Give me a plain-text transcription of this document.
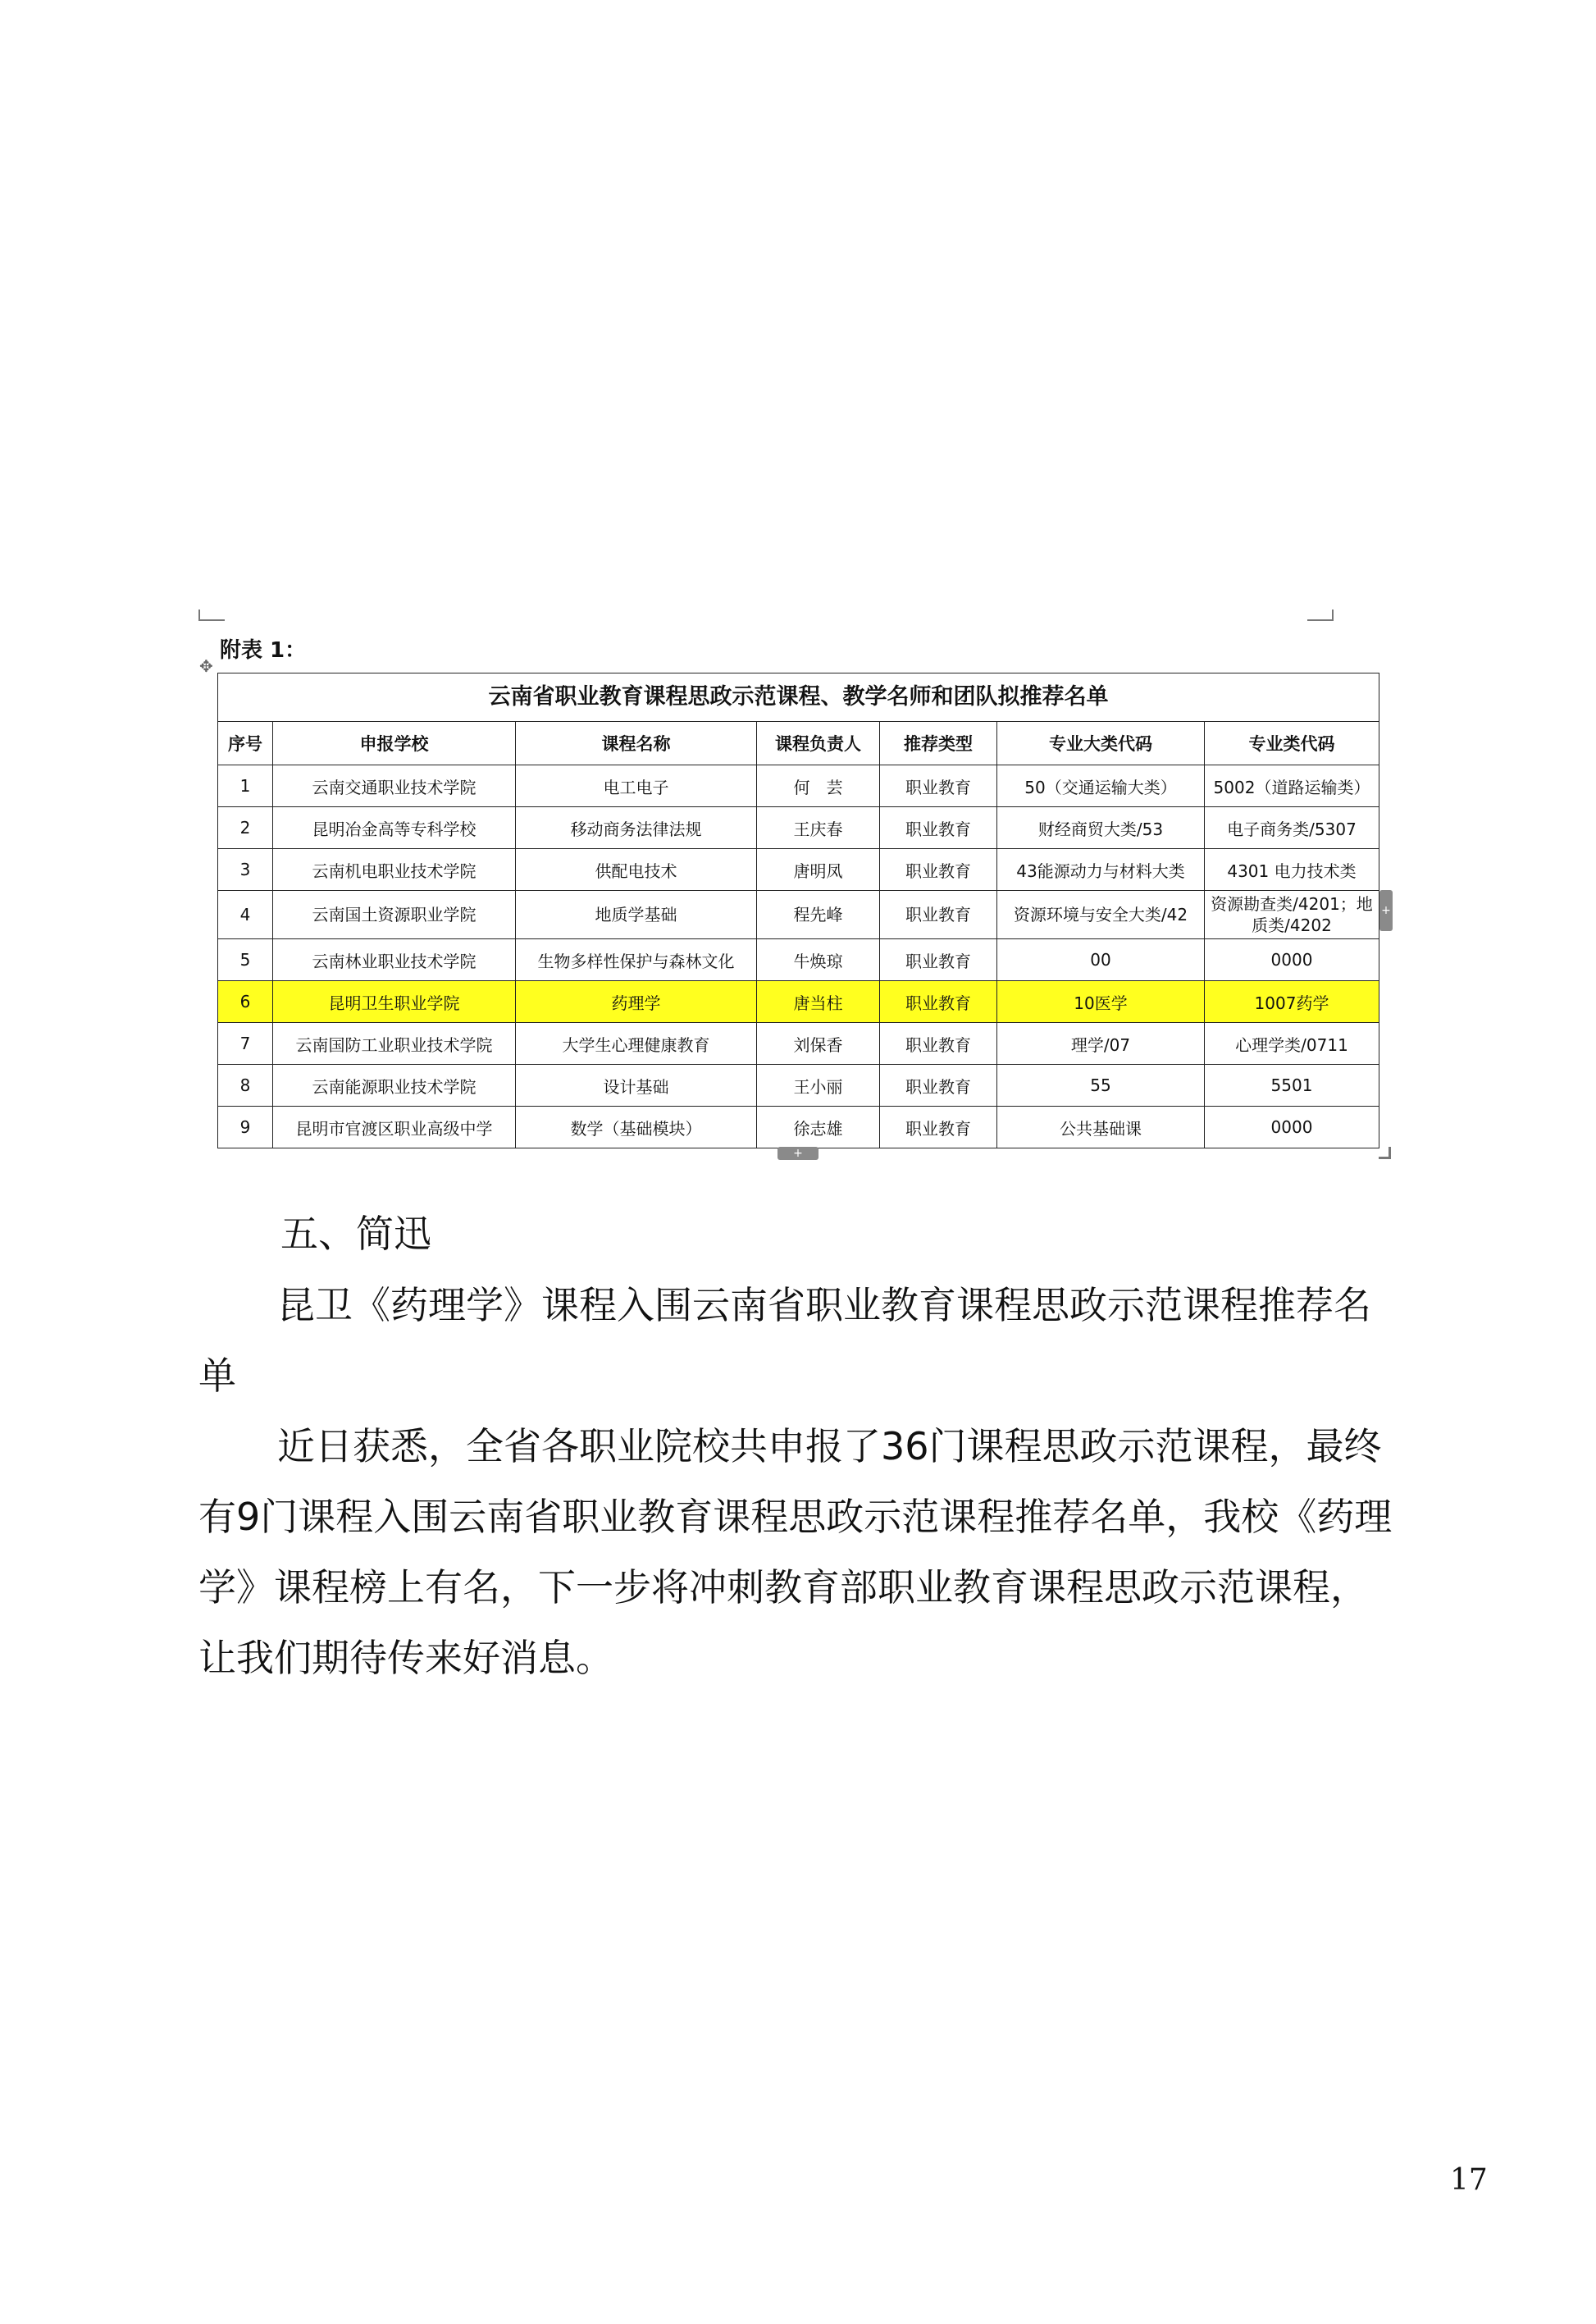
附表 1：
✥
云南省职业教育课程思政示范课程、教学名师和团队拟推荐名单
序号	申报学校	课程名称	课程负责人	推荐类型	专业大类代码	专业类代码
1	云南交通职业技术学院	电工电子	何　芸	职业教育	50（交通运输大类）	5002（道路运输类）
2	昆明冶金高等专科学校	移动商务法律法规	王庆春	职业教育	财经商贸大类/53	电子商务类/5307
3	云南机电职业技术学院	供配电技术	唐明凤	职业教育	43能源动力与材料大类	4301 电力技术类
4	云南国土资源职业学院	地质学基础	程先峰	职业教育	资源环境与安全大类/42	资源勘查类/4201；地质类/4202
5	云南林业职业技术学院	生物多样性保护与森林文化	牛焕琼	职业教育	00	0000
6	昆明卫生职业学院	药理学	唐当柱	职业教育	10医学	1007药学
7	云南国防工业职业技术学院	大学生心理健康教育	刘保香	职业教育	理学/07	心理学类/0711
8	云南能源职业技术学院	设计基础	王小丽	职业教育	55	5501
9	昆明市官渡区职业高级中学	数学（基础模块）	徐志雄	职业教育	公共基础课	0000
+
+
五、简迅

昆卫《药理学》课程入围云南省职业教育课程思政示范课程推荐名单

近日获悉，全省各职业院校共申报了36门课程思政示范课程，最终有9门课程入围云南省职业教育课程思政示范课程推荐名单，我校《药理学》课程榜上有名，下一步将冲刺教育部职业教育课程思政示范课程，让我们期待传来好消息。

17
